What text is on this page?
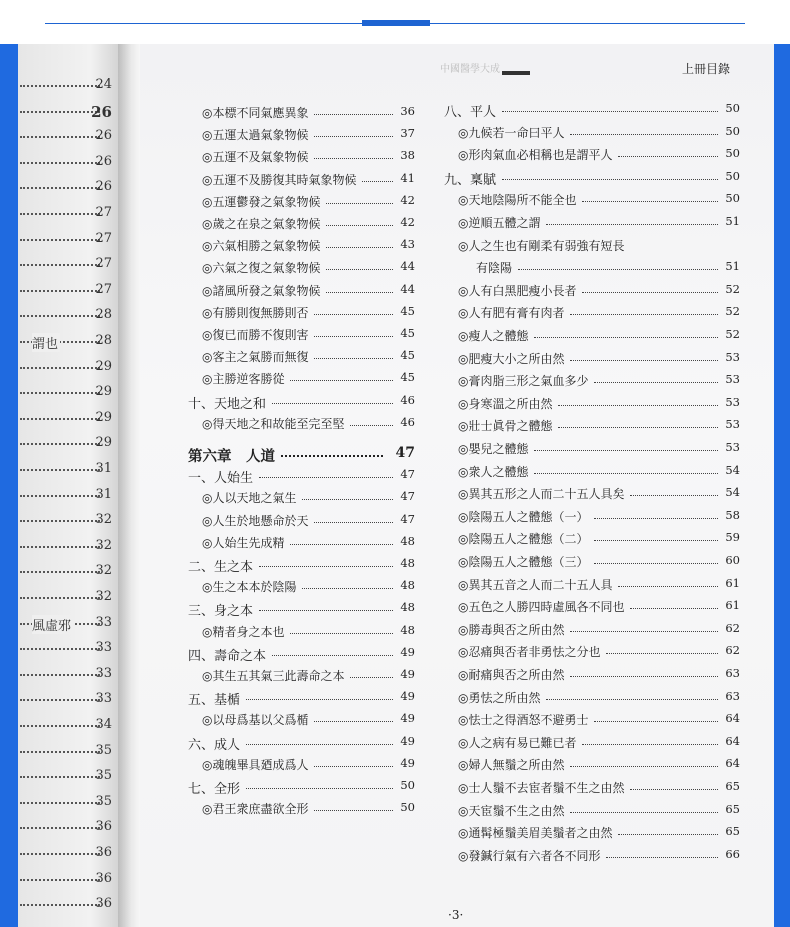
24
26
26
26
26
27
27
27
27
28
謂也	28
29
29
29
29
31
31
32
32
32
32
風虛邪 33
33
33
33
34
35
35
35
36
36
36
36
中國醫學大成	上冊目錄
◎本標不同氣應異象	36
◎五運太過氣象物候	37
◎五運不及氣象物候	38
◎五運不及勝復其時氣象物候	41
◎五運鬱發之氣象物候	42
◎歲之在泉之氣象物候	42
◎六氣相勝之氣象物候	43
◎六氣之復之氣象物候	44
◎諸風所發之氣象物候	44
◎有勝則復無勝則否	45
◎復已而勝不復則害	45
◎客主之氣勝而無復	45
◎主勝逆客勝從	45
十、天地之和	46
◎得天地之和故能至完至堅	46
第六章　人道	47
一、人始生	47
◎人以天地之氣生	47
◎人生於地懸命於天	47
◎人始生先成精	48
二、生之本	48
◎生之本本於陰陽	48
三、身之本	48
◎精者身之本也	48
四、壽命之本	49
◎其生五其氣三此壽命之本	49
五、基楯	49
◎以母爲基以父爲楯	49
六、成人	49
◎魂魄畢具廼成爲人	49
七、全形	50
◎君王衆庶盡欲全形	50
八、平人	50
◎九候若一命曰平人	50
◎形肉氣血必相稱也是謂平人	50
九、稟賦	50
◎天地陰陽所不能全也	50
◎逆順五體之謂	51
◎人之生也有剛柔有弱強有短長
有陰陽	51
◎人有白黑肥瘦小長者	52
◎人有肥有膏有肉者	52
◎瘦人之體態	52
◎肥瘦大小之所由然	53
◎膏肉脂三形之氣血多少	53
◎身寒溫之所由然	53
◎壯士眞骨之體態	53
◎嬰兒之體態	53
◎衆人之體態	54
◎異其五形之人而二十五人具矣	54
◎陰陽五人之體態（一）	58
◎陰陽五人之體態（二）	59
◎陰陽五人之體態（三）	60
◎異其五音之人而二十五人具	61
◎五色之人勝四時虛風各不同也	61
◎勝毒與否之所由然	62
◎忍痛與否者非勇怯之分也	62
◎耐痛與否之所由然	63
◎勇怯之所由然	63
◎怯士之得酒怒不避勇士	64
◎人之病有易已難已者	64
◎婦人無鬚之所由然	64
◎士人鬚不去宦者鬚不生之由然	65
◎天宦鬚不生之由然	65
◎通髯極鬚美眉美鬚者之由然	65
◎發鍼行氣有六者各不同形	66
·3·
